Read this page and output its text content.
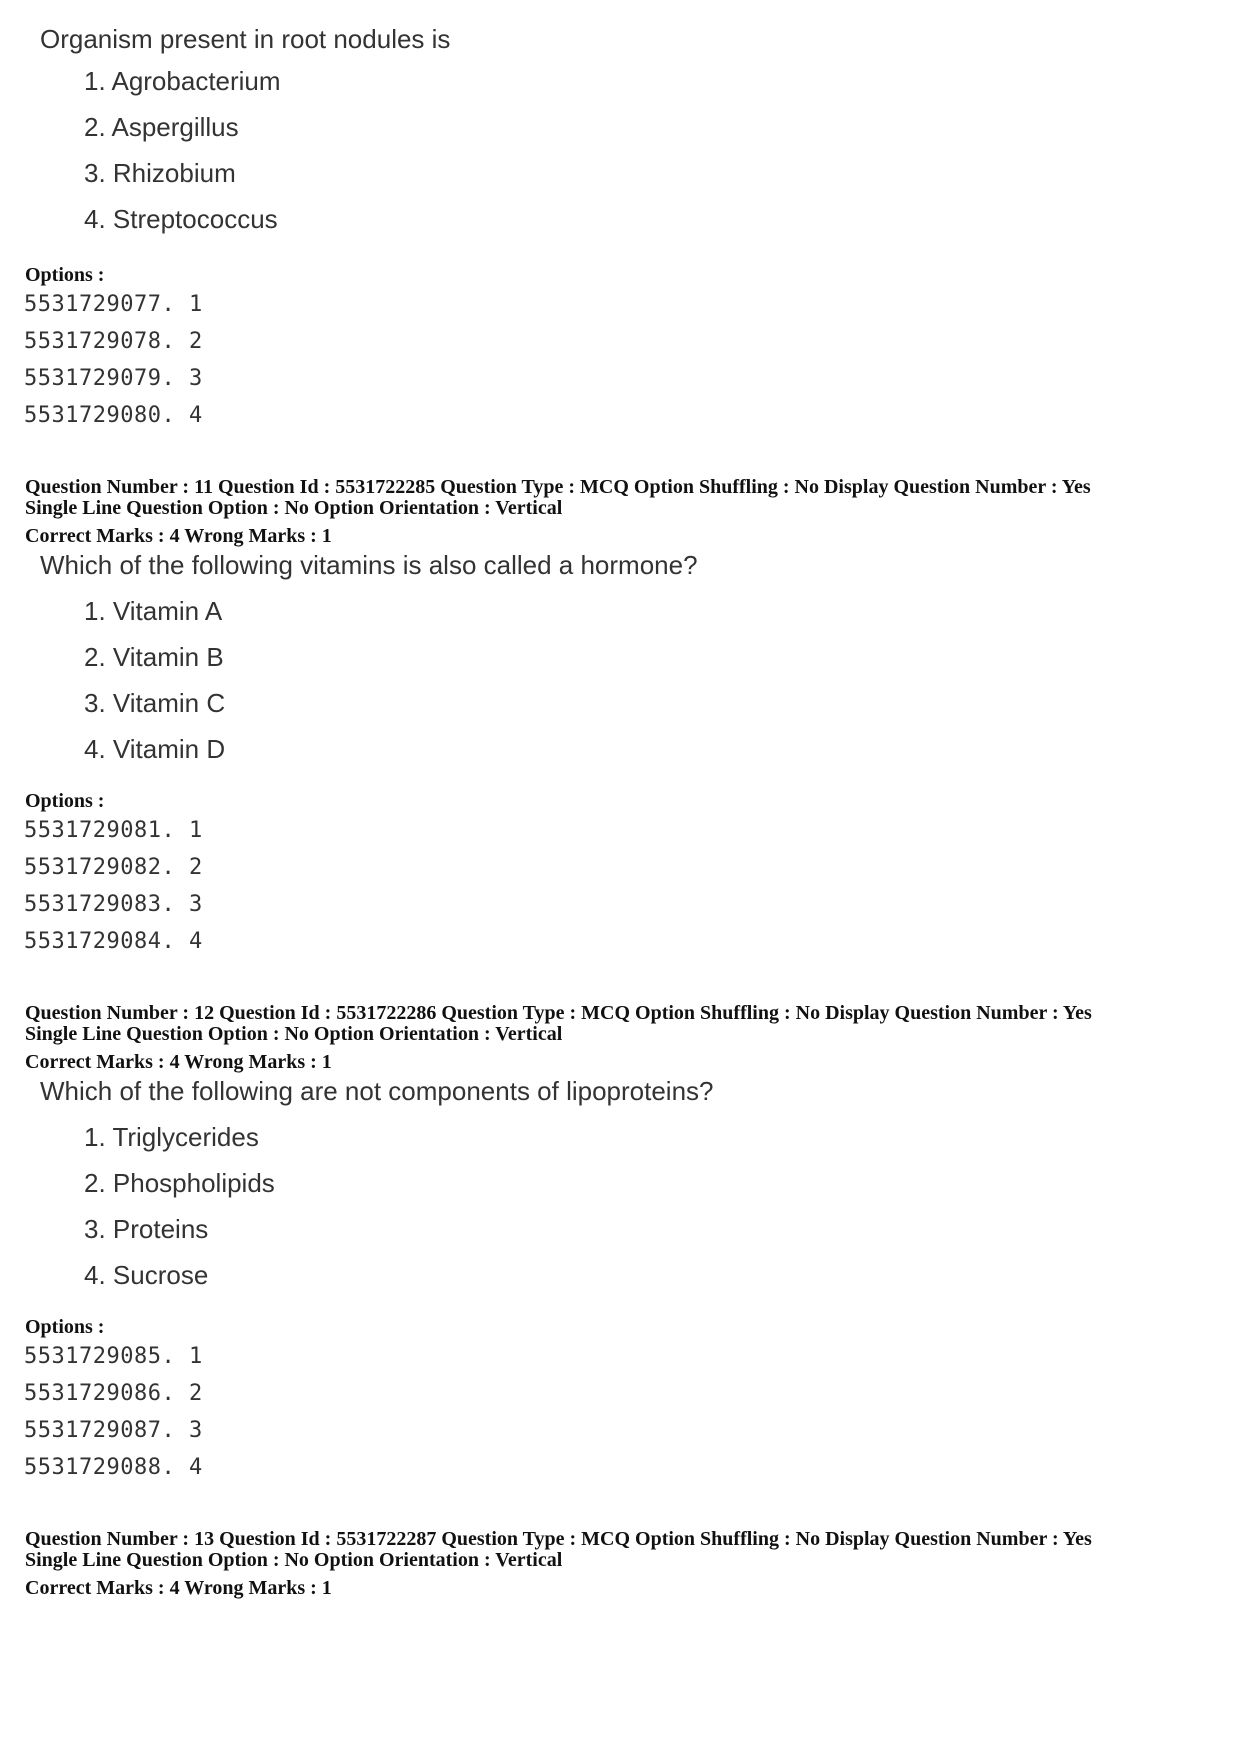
Organism present in root nodules is
1. Agrobacterium
2. Aspergillus
3. Rhizobium
4. Streptococcus
Options :
5531729077. 1
5531729078. 2
5531729079. 3
5531729080. 4
Question Number : 11 Question Id : 5531722285 Question Type : MCQ Option Shuffling : No Display Question Number : Yes
Single Line Question Option : No Option Orientation : Vertical
Correct Marks : 4 Wrong Marks : 1
Which of the following vitamins is also called a hormone?
1. Vitamin A
2. Vitamin B
3. Vitamin C
4. Vitamin D
Options :
5531729081. 1
5531729082. 2
5531729083. 3
5531729084. 4
Question Number : 12 Question Id : 5531722286 Question Type : MCQ Option Shuffling : No Display Question Number : Yes
Single Line Question Option : No Option Orientation : Vertical
Correct Marks : 4 Wrong Marks : 1
Which of the following are not components of lipoproteins?
1. Triglycerides
2. Phospholipids
3. Proteins
4. Sucrose
Options :
5531729085. 1
5531729086. 2
5531729087. 3
5531729088. 4
Question Number : 13 Question Id : 5531722287 Question Type : MCQ Option Shuffling : No Display Question Number : Yes
Single Line Question Option : No Option Orientation : Vertical
Correct Marks : 4 Wrong Marks : 1
